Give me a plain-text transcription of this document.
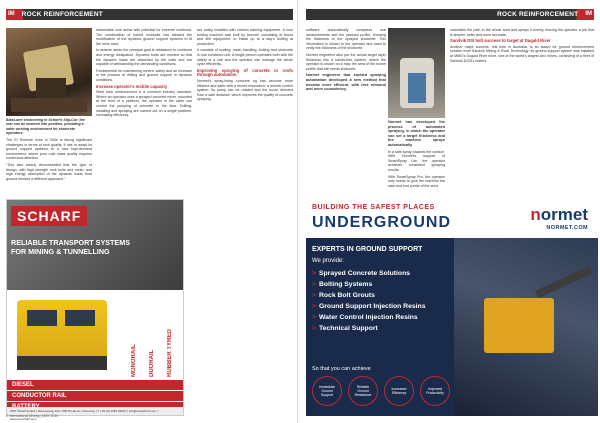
IM	ROCK REINFORCEMENT
Blast-arm shotcreting in Scharf's Slip-Car: the rear can be lowered into position, providing a safer working environment for shotcrete operators

The El Teniente mine in Chile is facing significant challenges in terms of rock quality. It has to adapt its ground support systems to a new high-demand environment, where poor rock mass quality requires continuous attention.

“This also clearly demonstrated that the type of design, with high strength rock bolts and mesh, and high energy absorption of the dynamic loads from ground needed a different approach.”

reasonable rock areas with potential for extreme rockburst. The combination of hybrid rockbolts has allowed the modification of the dynamic ground support systems to fit the mine area.

In seismic areas the principal goal is resistance to rockburst and energy dissipation. Dynamic bolts are needed so that the dynamic loads are absorbed by the bolts and are capable of withstanding the demanding conditions.

Fundamental for maintaining miners' safety and an increase in the process of drilling and ground support in dynamic conditions.

Increase operator's mobile capacity

Steel tube reinforcement is a common industry standard. Where an operator uses a sprayed concrete mixer, mounted at the front of a platform, the operator in the cabin can control the pumping of concrete to the face. Drilling, installing and spraying are carried out on a single platform, increasing efficiency.

are easily installed with custom training equipment. A rock bolting machine was built by Normet, consisting of boom and drill equipment, to install up to a day's bolting at production.

It consists of scaling, mesh handling, bolting and shotcrete in one combined unit. A single person operates both with the safety of a cab and the operator can manage the whole cycle efficiently.

Improving spraying of concrete in roofs through automation

Normet's spray-lining concrete rig has become more efficient and safer with a recent innovation: a remote control system. Its pump can be rotated and the boom directed from a safe distance, which improves the quality of concrete spraying.

SCHARF
RELIABLE TRANSPORT SYSTEMS
FOR MINING & TUNNELLING
MONORAIL DUORAIL RUBBER TYRED
DIESEL
CONDUCTOR RAIL
SMT Scharf GmbH | Römereweg 104 | 59075 Hamm | Germany | T +49 (0) 2381 96010 | info@smtscharf.com | www.smtscharf.com
2 International Mining | MAY 2019
ROCK REINFORCEMENT	IM

software automatically compares real measurements and the planned profile, showing the thickness of the sprayed shotcrete. This information is shown to the operator and used to verify the thickness of the shotcrete.

Normet engineers also put the actual target layer thickness into a hands-free system, where the operator is shown on a map the area of the tunnel profile that still needs shotcrete.

Normet engineers that studied spraying automation developed a new method that became more efficient, with less rebound and more consistency.

Normet has developed the process of automated spraying, in which the operator can set a target thickness and the machine sprays automatically

In a safe spray towards the surface. With Normet's support of SmartSpray Lite, the operator achieves consistent spraying results.

With SmartSpray Pro, the operator only needs to give the machine the start and end points of the area.

calculates the path to the whole area and sprays it evenly, leaving the operator a job that is simpler, safer and more accurate.

Sandvik DSI bolt success to target at Dugald River

Another major success, this time in Australia, is an award for ground reinforcement solution from Sandvik Mining & Rock Technology: its ground support system was installed at MMG's Dugald River mine, one of the world's largest zinc mines, consisting of a fleet of Sandvik DS311 bolters.

BUILDING THE SAFEST PLACES
UNDERGROUND	normet
NORMET.COM
EXPERTS IN GROUND SUPPORT
We provide:
> Sprayed Concrete Solutions
> Bolting Systems
> Rock Bolt Grouts
> Ground Support Injection Resins
> Water Control Injection Resins
> Technical Support
So that you can achieve
Immediate Ground Support
Reliable Ground Resistance
Increased Efficiency
Improved Productivity
